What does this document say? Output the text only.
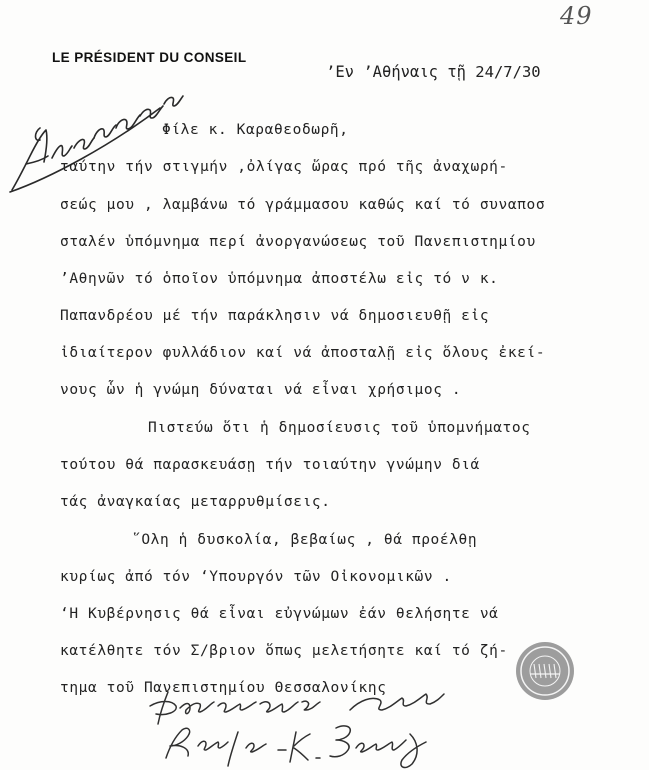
49
LE PRÉSIDENT DU CONSEIL
’Εν ’Αθήναις τῇ 24/7/30
Φίλε κ. Καραθεοδωρῆ,
ταύτην τήν στιγμήν ,ὀλίγας ὥρας πρό τῆς ἀναχωρή-
σεώς μου , λαμβάνω τό γράμμασου καθώς καί τό συναποσ
σταλέν ὑπόμνημα περί ἀνοργανώσεως τοῦ Πανεπιστημίου
’Αθηνῶν τό ὁποῖον ὑπόμνημα ἀποστέλω εἰς τό ν κ.
Παπανδρέου μέ τήν παράκλησιν νά δημοσιευθῇ εἰς
ἰδιαίτερον φυλλάδιον καί νά ἀποσταλῇ εἰς ὅλους ἐκεί-
νους ὧν ἡ γνώμη δύναται νά εἶναι χρήσιμος .
Πιστεύω ὅτι ἡ δημοσίευσις τοῦ ὑπομνήματος
τούτου θά παρασκευάσῃ τήν τοιαύτην γνώμην διά
τάς ἀναγκαίας μεταρρυθμίσεις.
῞Ολη ἡ δυσκολία, βεβαίως , θά προέλθῃ
κυρίως ἀπό τόν ‘Υπουργόν τῶν Οἰκονομικῶν .
‘Η Κυβέρνησις θά εἶναι εὐγνώμων ἐάν θελήσητε νά
κατέλθητε τόν Σ/βριον ὅπως μελετήσητε καί τό ζή-
τημα τοῦ Πανεπιστημίου Θεσσαλονίκης
